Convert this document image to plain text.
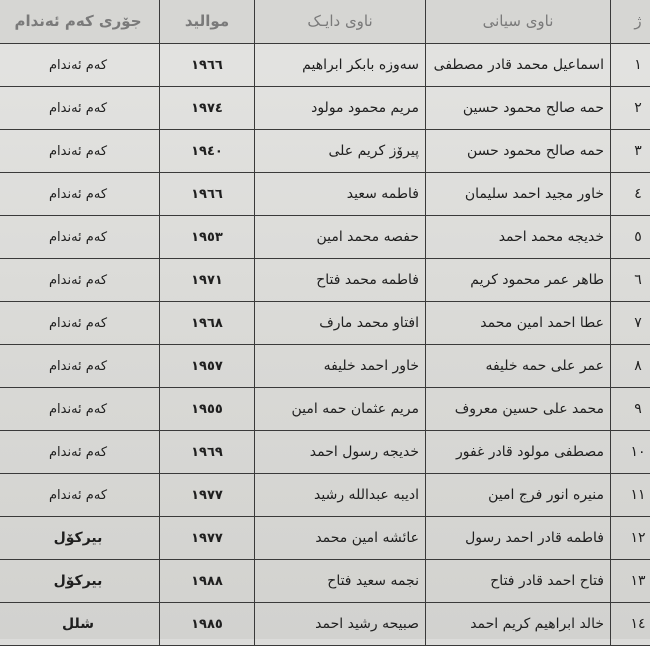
ژ	ناوی سیانی	ناوی دایـک	مواليد	جۆری کەم ئەندام
١	اسماعيل محمد قادر مصطفى	سەوزە بابكر ابراهيم	١٩٦٦	کەم ئەندام
٢	حمه صالح محمود حسين	مريم محمود مولود	١٩٧٤	کەم ئەندام
٣	حمه صالح محمود حسن	پيرۆز كريم على	١٩٤٠	کەم ئەندام
٤	خاور مجيد احمد سليمان	فاطمه سعيد	١٩٦٦	کەم ئەندام
٥	خديجه محمد احمد	حفصه محمد امين	١٩٥٣	کەم ئەندام
٦	طاهر عمر محمود كريم	فاطمه محمد فتاح	١٩٧١	کەم ئەندام
٧	عطا احمد امين محمد	افتاو محمد مارف	١٩٦٨	کەم ئەندام
٨	عمر على حمه خليفه	خاور احمد خليفه	١٩٥٧	کەم ئەندام
٩	محمد على حسين معروف	مريم عثمان حمه امين	١٩٥٥	کەم ئەندام
١٠	مصطفى مولود قادر غفور	خديجه رسول احمد	١٩٦٩	کەم ئەندام
١١	منيره انور فرج امين	اديبه عبدالله رشيد	١٩٧٧	کەم ئەندام
١٢	فاطمه قادر احمد رسول	عائشه امين محمد	١٩٧٧	بيركۆل
١٣	فتاح احمد قادر فتاح	نجمه سعيد فتاح	١٩٨٨	بيركۆل
١٤	خالد ابراهيم كريم احمد	صبيحه رشيد احمد	١٩٨٥	شلل
